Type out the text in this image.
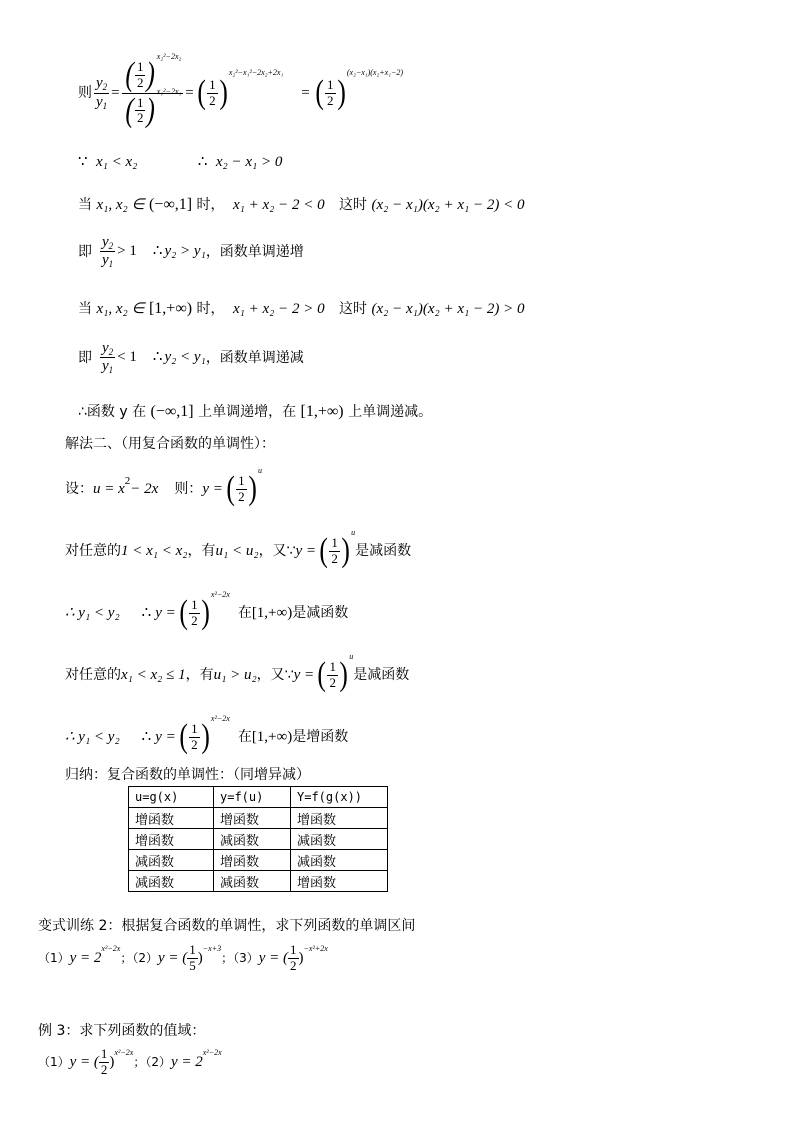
则 $\frac{y_2}{y_1} = \frac{( \frac{1}{2} ) ^{x_2^2-2x_2}}{( \frac{1}{2} ) ^{x_1^2-2x_1}}$ = ( $\frac{1}{2}$ )
$^{x_2^2-x_1^2-2x_2+2x_1}$
= ( $\frac{1}{2}$ )
$^{(x_2-x_1)(x_2+x_1-2)}$
∵ x₁ < x₂	∴ x₂ − x₁ > 0
当 x₁, x₂ ∈ (−∞,1] 时， x₁ + x₂ − 2 < 0 这时 (x₂ − x₁)(x₂ + x₁ − 2) < 0
即 $\frac{y_2}{y_1} > 1$ ∴ y₂ > y₁ ，函数单调递增
当 x₁, x₂ ∈ [1,+∞) 时， x₁ + x₂ − 2 > 0 这时 (x₂ − x₁)(x₂ + x₁ − 2) > 0
即 $\frac{y_2}{y_1} < 1$ ∴ y₂ < y₁ ，函数单调递减
∴函数 y 在 (−∞,1] 上单调递增，在 [1,+∞) 上单调递减。
解法二、（用复合函数的单调性）：
设： $u = x^2 - 2x$ 则： y = ( $\frac{1}{2} )^u$
对任意的 1 < x₁ < x₂ ，有 u₁ < u₂ ，又∵ y = ( $\frac{1}{2} )^u$
是减函数
∴ y₁ < y₂ ∴ y = ( $\frac{1}{2} )^{x^2-2x}$
在 [1,+∞) 是减函数
对任意的 x₁ < x₂ ≤ 1 ，有 u₁ > u₂ ，又∵ y = ( $\frac{1}{2} )^u$
是减函数
∴ y₁ < y₂ ∴ y = ( $\frac{1}{2} )^{x^2-2x}$
在 [1,+∞) 是增函数
归纳：复合函数的单调性：（同增异减）
u=g(x)	y=f(u)	Y=f(g(x))
增函数	增函数	增函数
增函数	减函数	减函数
减函数	增函数	减函数
减函数	减函数	增函数
变式训练 2：根据复合函数的单调性，求下列函数的单调区间
（1） y = 2
$^{x^2-2x}$
；（2） y = ( $\frac{1}{5}$ )
$^{-x+3}$
；（3） y = ( $\frac{1}{2}$ )
$^{-x^2+2x}$
例 3：求下列函数的值域：
（1） y = ( $\frac{1}{2}$ )
$^{x^2-2x}$
；（2） y = 2
$^{x^2-2x}$
